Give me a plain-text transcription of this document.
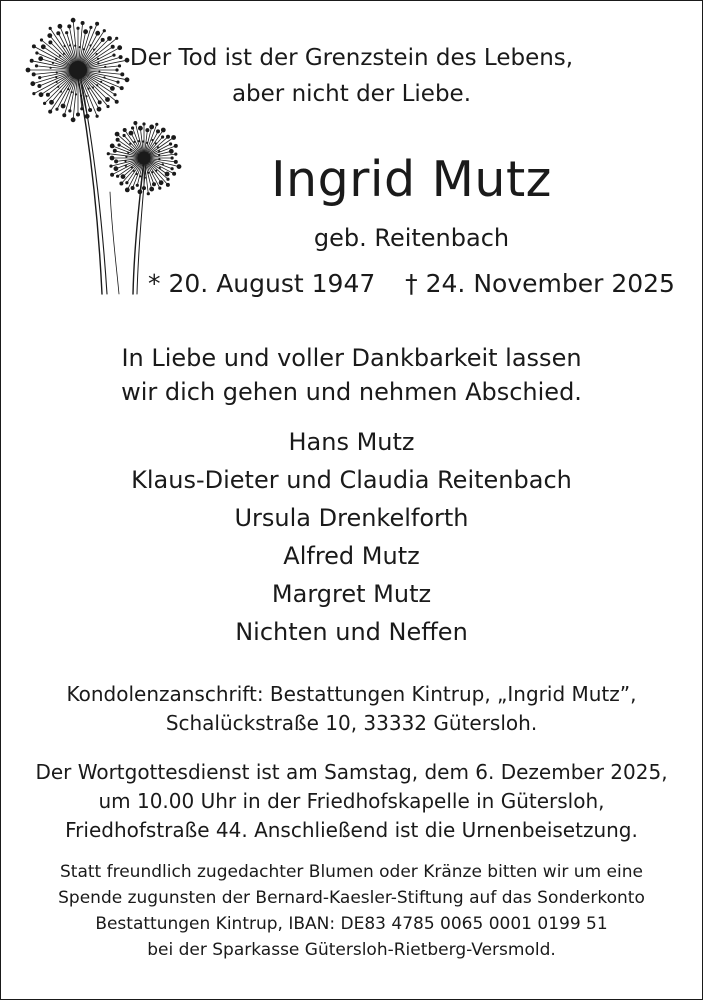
Der Tod ist der Grenzstein des Lebens,
aber nicht der Liebe.
Ingrid Mutz
geb. Reitenbach
* 20. August 1947 † 24. November 2025
In Liebe und voller Dankbarkeit lassen
wir dich gehen und nehmen Abschied.
Hans Mutz
Klaus-Dieter und Claudia Reitenbach
Ursula Drenkelforth
Alfred Mutz
Margret Mutz
Nichten und Neffen
Kondolenzanschrift: Bestattungen Kintrup, „Ingrid Mutz”,
Schalückstraße 10, 33332 Gütersloh.
Der Wortgottesdienst ist am Samstag, dem 6. Dezember 2025,
um 10.00 Uhr in der Friedhofskapelle in Gütersloh,
Friedhofstraße 44. Anschließend ist die Urnenbeisetzung.
Statt freundlich zugedachter Blumen oder Kränze bitten wir um eine
Spende zugunsten der Bernard-Kaesler-Stiftung auf das Sonderkonto
Bestattungen Kintrup, IBAN: DE83 4785 0065 0001 0199 51
bei der Sparkasse Gütersloh-Rietberg-Versmold.
